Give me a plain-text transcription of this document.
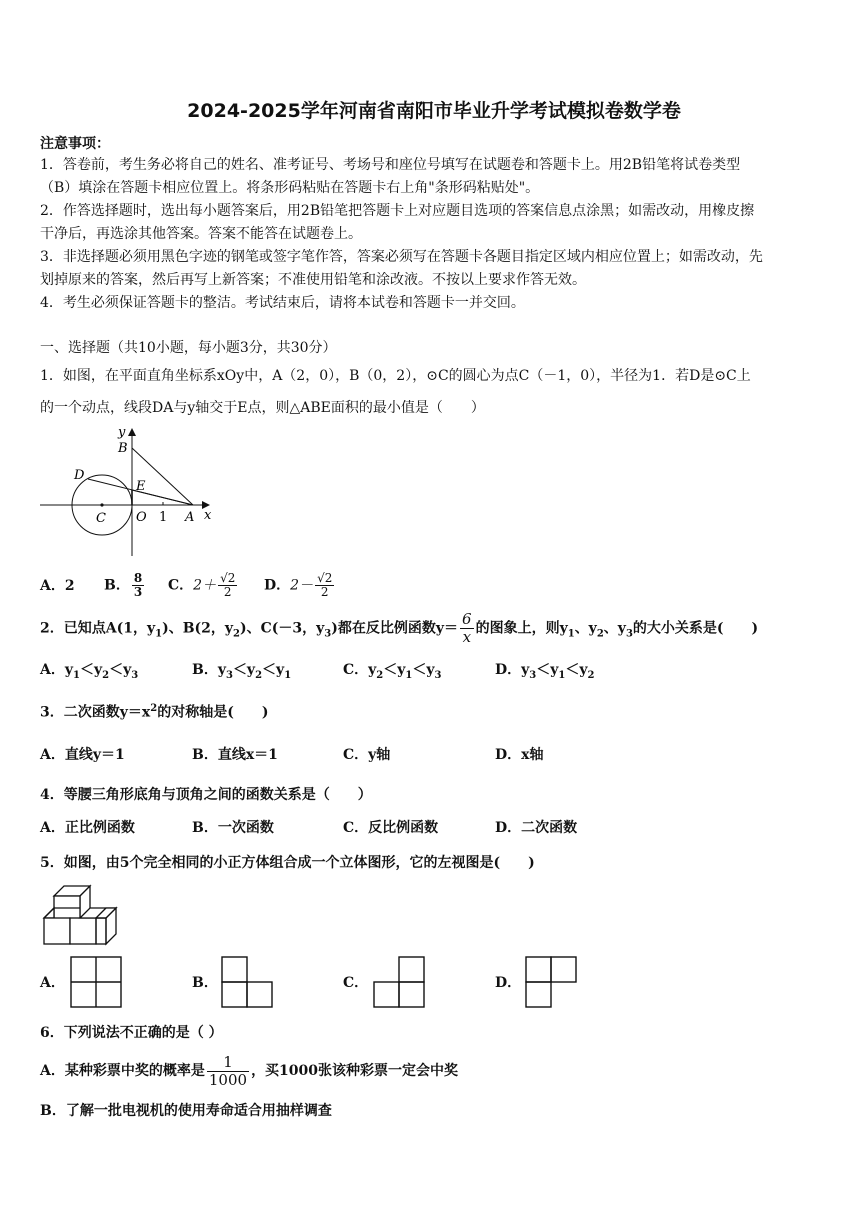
2024-2025学年河南省南阳市毕业升学考试模拟卷数学卷
注意事项：
1．答卷前，考生务必将自己的姓名、准考证号、考场号和座位号填写在试题卷和答题卡上。用2B铅笔将试卷类型
（B）填涂在答题卡相应位置上。将条形码粘贴在答题卡右上角"条形码粘贴处"。
2．作答选择题时，选出每小题答案后，用2B铅笔把答题卡上对应题目选项的答案信息点涂黑；如需改动，用橡皮擦
干净后，再选涂其他答案。答案不能答在试题卷上。
3．非选择题必须用黑色字迹的钢笔或签字笔作答，答案必须写在答题卡各题目指定区域内相应位置上；如需改动，先
划掉原来的答案，然后再写上新答案；不准使用铅笔和涂改液。不按以上要求作答无效。
4．考生必须保证答题卡的整洁。考试结束后，请将本试卷和答题卡一并交回。
一、选择题（共10小题，每小题3分，共30分）
1．如图，在平面直角坐标系xOy中，A（2，0），B（0，2），⊙C的圆心为点C（－1，0），半径为1．若D是⊙C上
的一个动点，线段DA与y轴交于E点，则△ABE面积的最小值是（　　）
y
B
D
E
C O 1 A x
A．2 B． $\frac{8}{3}$ C．$2+ \frac{√2}{2}$ D．$2- \frac{√2}{2}$
2．已知点A(1，$y_1$)、B(2，$y_2$)、C(－3，$y_3$)都在反比例函数$y= \frac{6}{x}$ 的图象上，则$y_1$、$y_2$、$y_3$的大小关系是(　　)
A．$y_1<y_2<y_3$	B．$y_3<y_2<y_1$	C．$y_2<y_1<y_3$	D．$y_3<y_1<y_2$
3．二次函数$y=x^2$的对称轴是(　　)
A．直线y＝1	B．直线x＝1	C．y轴	D．x轴
4．等腰三角形底角与顶角之间的函数关系是（　　）
A．正比例函数	B．一次函数	C．反比例函数	D．二次函数
5．如图，由5个完全相同的小正方体组合成一个立体图形，它的左视图是(　　)
A．	B．	C．	D．
6．下列说法不正确的是（ ）
A．某种彩票中奖的概率是 $\frac{1}{1000}$ ，买1000张该种彩票一定会中奖
B．了解一批电视机的使用寿命适合用抽样调查
